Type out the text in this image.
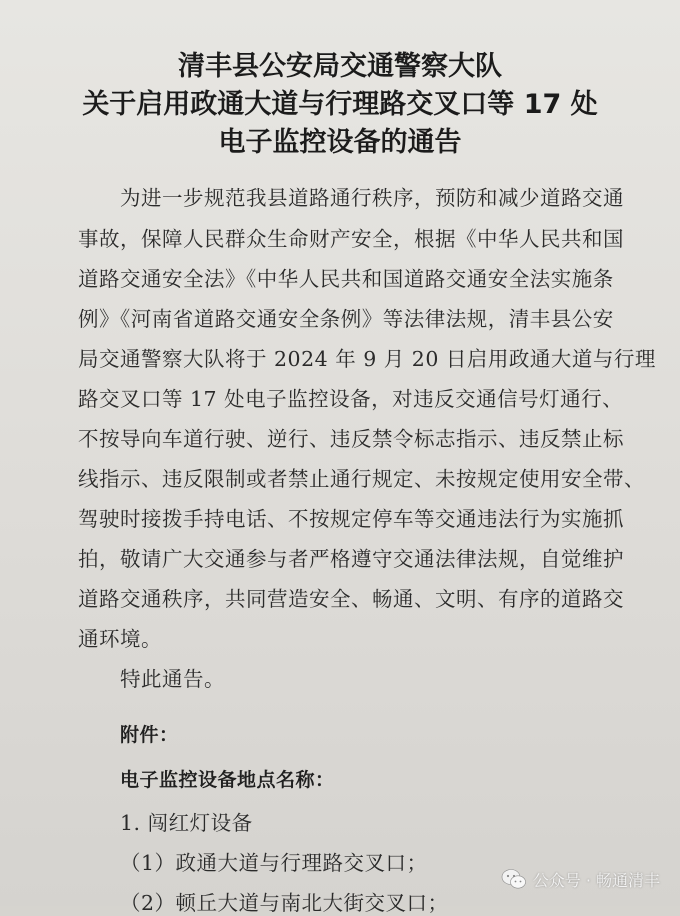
清丰县公安局交通警察大队
关于启用政通大道与行理路交叉口等 17 处
电子监控设备的通告
为进一步规范我县道路通行秩序，预防和减少道路交通
事故，保障人民群众生命财产安全，根据《中华人民共和国
道路交通安全法》《中华人民共和国道路交通安全法实施条
例》《河南省道路交通安全条例》等法律法规，清丰县公安
局交通警察大队将于 2024 年 9 月 20 日启用政通大道与行理
路交叉口等 17 处电子监控设备，对违反交通信号灯通行、
不按导向车道行驶、逆行、违反禁令标志指示、违反禁止标
线指示、违反限制或者禁止通行规定、未按规定使用安全带、
驾驶时接拨手持电话、不按规定停车等交通违法行为实施抓
拍，敬请广大交通参与者严格遵守交通法律法规，自觉维护
道路交通秩序，共同营造安全、畅通、文明、有序的道路交
通环境。
特此通告。
附件：
电子监控设备地点名称：
1. 闯红灯设备
（1）政通大道与行理路交叉口；
（2）顿丘大道与南北大街交叉口；
公众号 · 畅通清丰
